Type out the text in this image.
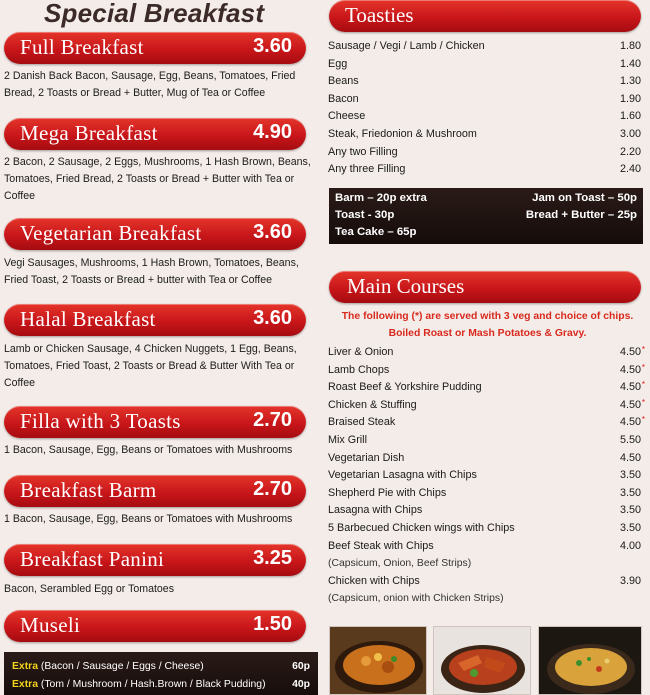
Special Breakfast
Full Breakfast	3.60
2 Danish Back Bacon, Sausage, Egg, Beans, Tomatoes, Fried Bread, 2 Toasts or Bread + Butter, Mug of Tea or Coffee
Mega Breakfast	4.90
2 Bacon, 2 Sausage, 2 Eggs, Mushrooms, 1 Hash Brown, Beans, Tomatoes, Fried Bread, 2 Toasts or Bread + Butter with Tea or Coffee
Vegetarian Breakfast	3.60
Vegi Sausages, Mushrooms, 1 Hash Brown, Tomatoes, Beans, Fried Toast, 2 Toasts or Bread + butter with Tea or Coffee
Halal Breakfast	3.60
Lamb or Chicken Sausage, 4 Chicken Nuggets, 1 Egg, Beans, Tomatoes, Fried Toast, 2 Toasts or Bread & Butter With Tea or Coffee
Filla with 3 Toasts	2.70
1 Bacon, Sausage, Egg, Beans or Tomatoes with Mushrooms
Breakfast Barm	2.70
1 Bacon, Sausage, Egg, Beans or Tomatoes with Mushrooms
Breakfast Panini	3.25
Bacon, Serambled Egg or Tomatoes
Museli	1.50
Extra (Bacon / Sausage / Eggs / Cheese)	60p
Extra (Tom / Mushroom / Hash.Brown / Black Pudding)	40p
Toasties
Sausage / Vegi / Lamb / Chicken	1.80
Egg	1.40
Beans	1.30
Bacon	1.90
Cheese	1.60
Steak, Friedonion & Mushroom	3.00
Any two Filling	2.20
Any three Filling	2.40
Barm – 20p extra
Toast - 30p
Tea Cake – 65p
Jam on Toast – 50p
Bread + Butter – 25p
Main Courses
The following (*) are served with 3 veg and choice of chips.
Boiled Roast or Mash Potatoes & Gravy.
Liver & Onion	4.50 *
Lamb Chops	4.50 *
Roast Beef & Yorkshire Pudding	4.50 *
Chicken & Stuffing	4.50 *
Braised Steak	4.50 *
Mix Grill	5.50
Vegetarian Dish	4.50
Vegetarian Lasagna with Chips	3.50
Shepherd Pie with Chips	3.50
Lasagna with Chips	3.50
5 Barbecued Chicken wings with Chips	3.50
Beef Steak with Chips	4.00
(Capsicum, Onion, Beef Strips)
Chicken with Chips	3.90
(Capsicum, onion with Chicken Strips)
